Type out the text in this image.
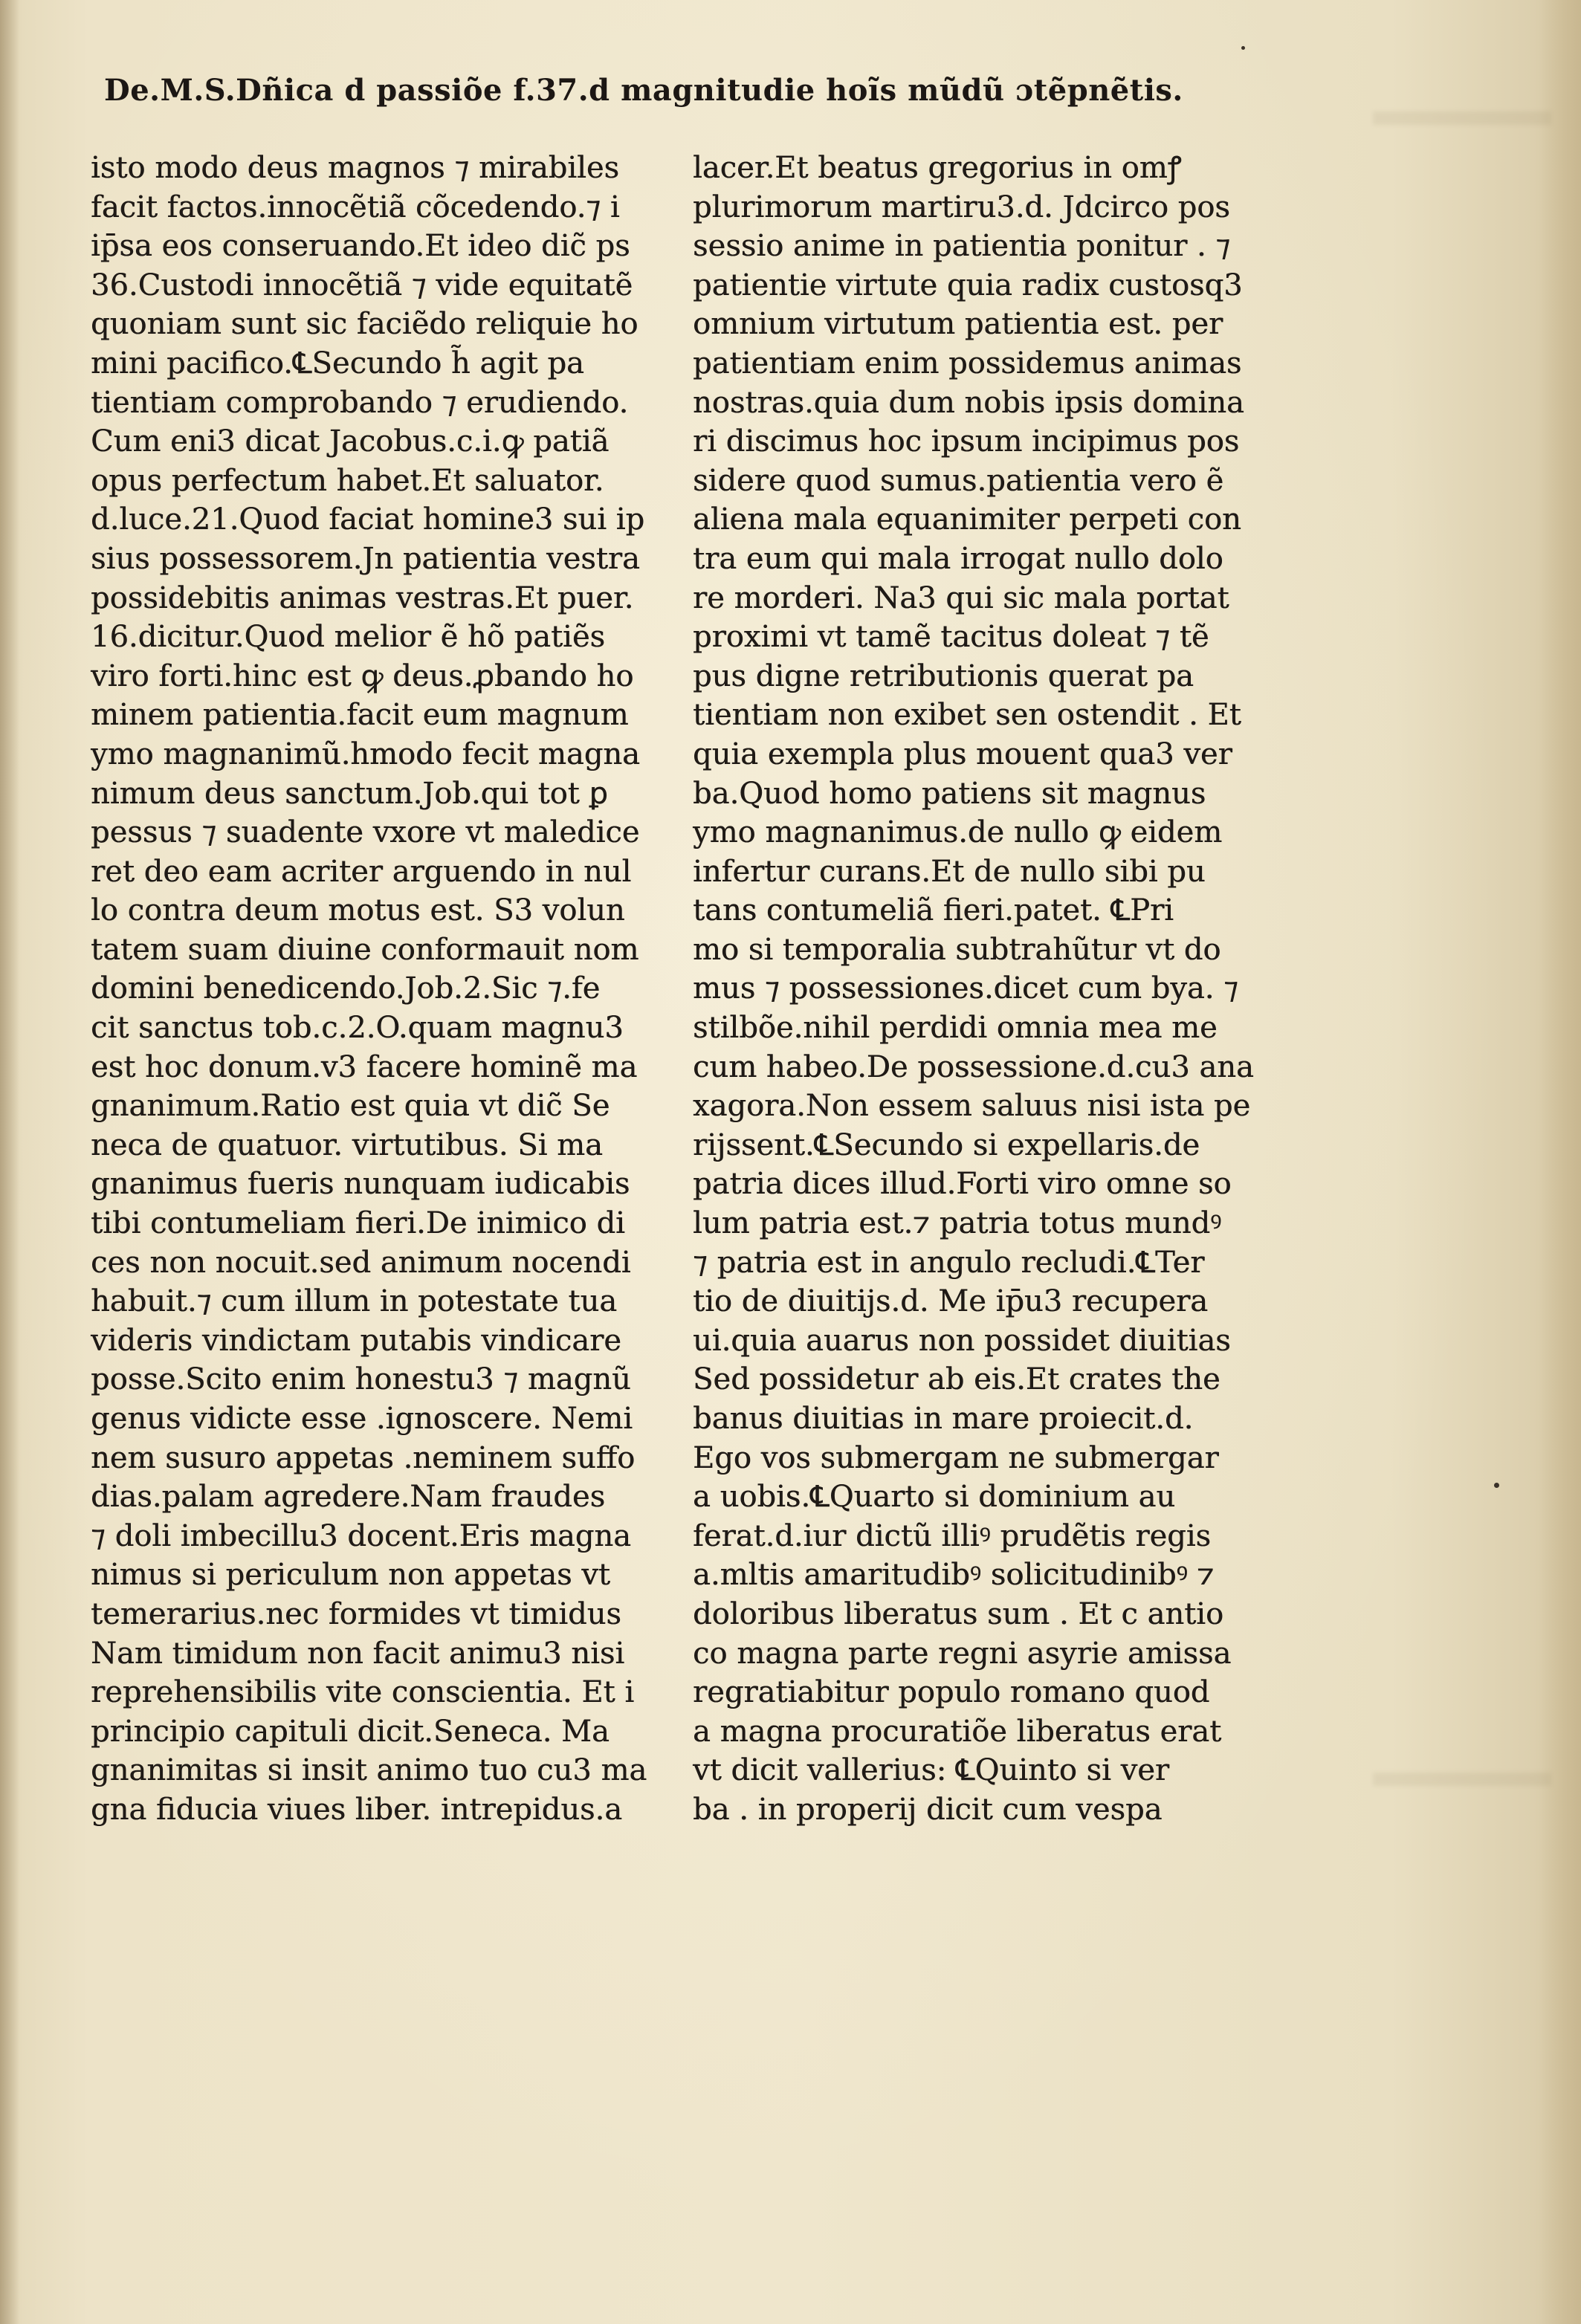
De.M.S.Dñica d passiõe f.37.d magnitudie hoĩs mũdũ ɔtẽpnẽtis.
isto modo deus magnos ⁊ mirabiles
facit factos.innocẽtiã cõcedendo.⁊ i
ip̄sa eos conseruando.Et ideo dic̃ ps
36.Custodi innocẽtiã ⁊ vide equitatẽ
quoniam sunt sic faciẽdo reliquie ho
mini pacifico.℄Secundo h̃ agit pa
tientiam comprobando ⁊ erudiendo.
Cum eni3 dicat Jacobus.c.i.ꝙ patiã
opus perfectum habet.Et saluator.
d.luce.21.Quod faciat homine3 sui ip
sius possessorem.Jn patientia vestra
possidebitis animas vestras.Et puer.
16.dicitur.Quod melior ẽ hõ patiẽs
viro forti.hinc est ꝙ deus.ꝓbando ho
minem patientia.facit eum magnum
ymo magnanimũ.hmodo fecit magna
nimum deus sanctum.Job.qui tot ꝑ
pessus ⁊ suadente vxore vt maledice
ret deo eam acriter arguendo in nul
lo contra deum motus est. S3 volun
tatem suam diuine conformauit nom
domini benedicendo.Job.2.Sic ⁊.fe
cit sanctus tob.c.2.O.quam magnu3
est hoc donum.v3 facere hominẽ ma
gnanimum.Ratio est quia vt dic̃ Se
neca de quatuor. virtutibus. Si ma
gnanimus fueris nunquam iudicabis
tibi contumeliam fieri.De inimico di
ces non nocuit.sed animum nocendi
habuit.⁊ cum illum in potestate tua
videris vindictam putabis vindicare
posse.Scito enim honestu3 ⁊ magnũ
genus vidicte esse .ignoscere. Nemi
nem susuro appetas .neminem suffo
dias.palam agredere.Nam fraudes
⁊ doli imbecillu3 docent.Eris magna
nimus si periculum non appetas vt
temerarius.nec formides vt timidus
Nam timidum non facit animu3 nisi
reprehensibilis vite conscientia. Et i
principio capituli dicit.Seneca. Ma
gnanimitas si insit animo tuo cu3 ma
gna fiducia viues liber. intrepidus.a
lacer.Et beatus gregorius in omꝭ
plurimorum martiru3.d. Jdcirco pos
sessio anime in patientia ponitur . ⁊
patientie virtute quia radix custosq3
omnium virtutum patientia est. per
patientiam enim possidemus animas
nostras.quia dum nobis ipsis domina
ri discimus hoc ipsum incipimus pos
sidere quod sumus.patientia vero ẽ
aliena mala equanimiter perpeti con
tra eum qui mala irrogat nullo dolo
re morderi. Na3 qui sic mala portat
proximi vt tamẽ tacitus doleat ⁊ tẽ
pus digne retributionis querat pa
tientiam non exibet sen ostendit . Et
quia exempla plus mouent qua3 ver
ba.Quod homo patiens sit magnus
ymo magnanimus.de nullo ꝙ eidem
infertur curans.Et de nullo sibi pu
tans contumeliã fieri.patet. ℄Pri
mo si temporalia subtrahũtur vt do
mus ⁊ possessiones.dicet cum bya. ⁊
stilbõe.nihil perdidi omnia mea me
cum habeo.De possessione.d.cu3 ana
xagora.Non essem saluus nisi ista pe
rijssent.℄Secundo si expellaris.de
patria dices illud.Forti viro omne so
lum patria est.⁊ patria totus mundꝰ
⁊ patria est in angulo recludi.℄Ter
tio de diuitijs.d. Me ip̄u3 recupera
ui.quia auarus non possidet diuitias
Sed possidetur ab eis.Et crates the
banus diuitias in mare proiecit.d.
Ego vos submergam ne submergar
a uobis.℄Quarto si dominium au
ferat.d.iur dictũ illiꝰ prudẽtis regis
a.mltis amaritudibꝰ solicitudinibꝰ ⁊
doloribus liberatus sum . Et c antio
co magna parte regni asyrie amissa
regratiabitur populo romano quod
a magna procuratiõe liberatus erat
vt dicit vallerius: ℄Quinto si ver
ba . in properij dicit cum vespa
